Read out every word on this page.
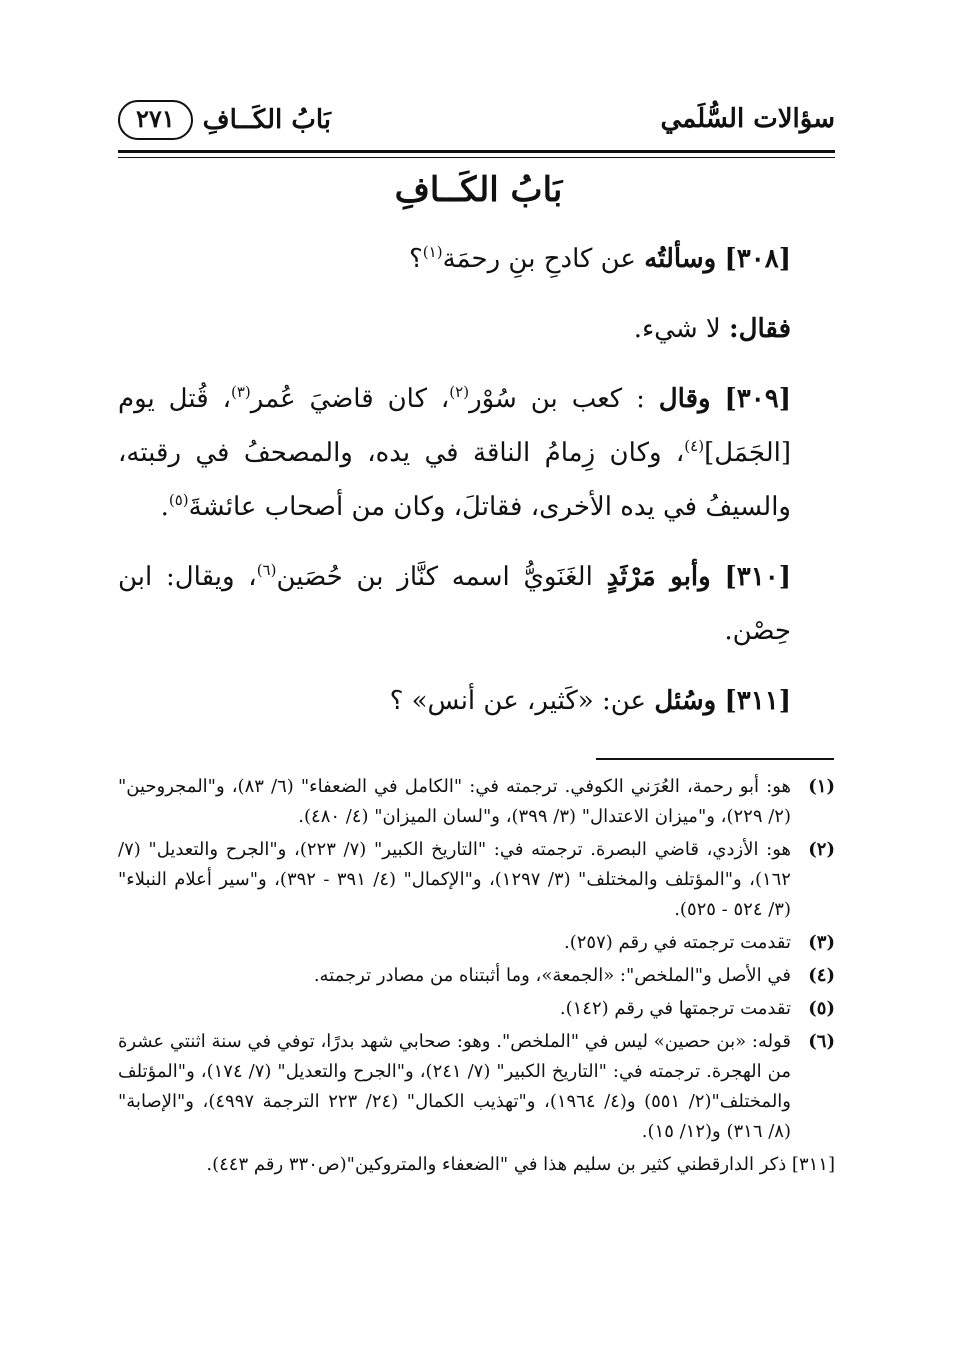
سؤالات السُّلَمي
بَابُ الكَــافِ
٢٧١
بَابُ الكَــافِ

[٣٠٨] وسألتُه عن كادحِ بنِ رحمَة$^{(١)}$؟

فقال: لا شيء.

[٣٠٩] وقال : كعب بن سُوْر$^{(٢)}$، كان قاضيَ عُمر$^{(٣)}$، قُتل يوم [الجَمَل]$^{(٤)}$، وكان زِمامُ الناقة في يده، والمصحفُ في رقبته، والسيفُ في يده الأخرى، فقاتلَ، وكان من أصحاب عائشةَ$^{(٥)}$.

[٣١٠] وأبو مَرْثَدٍ الغَنَويُّ اسمه كنَّاز بن حُصَين$^{(٦)}$، ويقال: ابن حِصْن.

[٣١١] وسُئل عن: «كَثير، عن أنس» ؟

(١)
هو: أبو رحمة، العُرَني الكوفي. ترجمته في: "الكامل في الضعفاء" (٦/ ٨٣)، و"المجروحين" (٢/ ٢٢٩)، و"ميزان الاعتدال" (٣/ ٣٩٩)، و"لسان الميزان" (٤/ ٤٨٠).
(٢)
هو: الأزدي، قاضي البصرة. ترجمته في: "التاريخ الكبير" (٧/ ٢٢٣)، و"الجرح والتعديل" (٧/ ١٦٢)، و"المؤتلف والمختلف" (٣/ ١٢٩٧)، و"الإكمال" (٤/ ٣٩١ - ٣٩٢)، و"سير أعلام النبلاء" (٣/ ٥٢٤ - ٥٢٥).
(٣)
تقدمت ترجمته في رقم (٢٥٧).
(٤)
في الأصل و"الملخص": «الجمعة»، وما أثبتناه من مصادر ترجمته.
(٥)
تقدمت ترجمتها في رقم (١٤٢).
(٦)
قوله: «بن حصين» ليس في "الملخص". وهو: صحابي شهد بدرًا، توفي في سنة اثنتي عشرة من الهجرة. ترجمته في: "التاريخ الكبير" (٧/ ٢٤١)، و"الجرح والتعديل" (٧/ ١٧٤)، و"المؤتلف والمختلف"(٢/ ٥٥١) و(٤/ ١٩٦٤)، و"تهذيب الكمال" (٢٤/ ٢٢٣ الترجمة ٤٩٩٧)، و"الإصابة" (٨/ ٣١٦) و(١٢/ ١٥).
[٣١١] ذكر الدارقطني كثير بن سليم هذا في "الضعفاء والمتروكين"(ص٣٣٠ رقم ٤٤٣).
